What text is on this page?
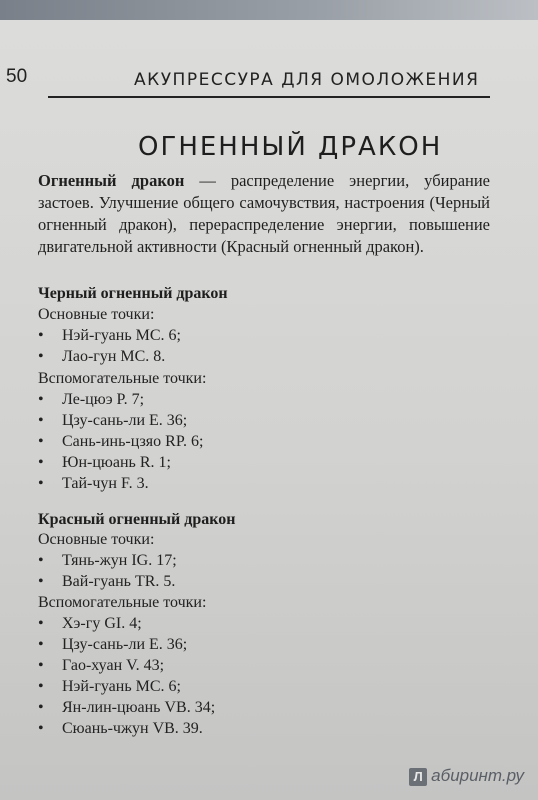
50	АКУПРЕССУРА ДЛЯ ОМОЛОЖЕНИЯ
ОГНЕННЫЙ ДРАКОН
Огненный дракон — распределение энергии, убирание застоев. Улучшение общего самочувствия, настроения (Черный огненный дракон), перераспределение энергии, повышение двигательной активности (Красный огненный дракон).
Черный огненный дракон
Основные точки:
• Нэй-гуань MC. 6;
• Лао-гун MC. 8.
Вспомогательные точки:
• Ле-цюэ P. 7;
• Цзу-сань-ли E. 36;
• Сань-инь-цзяо RP. 6;
• Юн-цюань R. 1;
• Тай-чун F. 3.
Красный огненный дракон
Основные точки:
• Тянь-жун IG. 17;
• Вай-гуань TR. 5.
Вспомогательные точки:
• Хэ-гу GI. 4;
• Цзу-сань-ли E. 36;
• Гао-хуан V. 43;
• Нэй-гуань MC. 6;
• Ян-лин-цюань VB. 34;
• Сюань-чжун VB. 39.
Л абиринт.ру
